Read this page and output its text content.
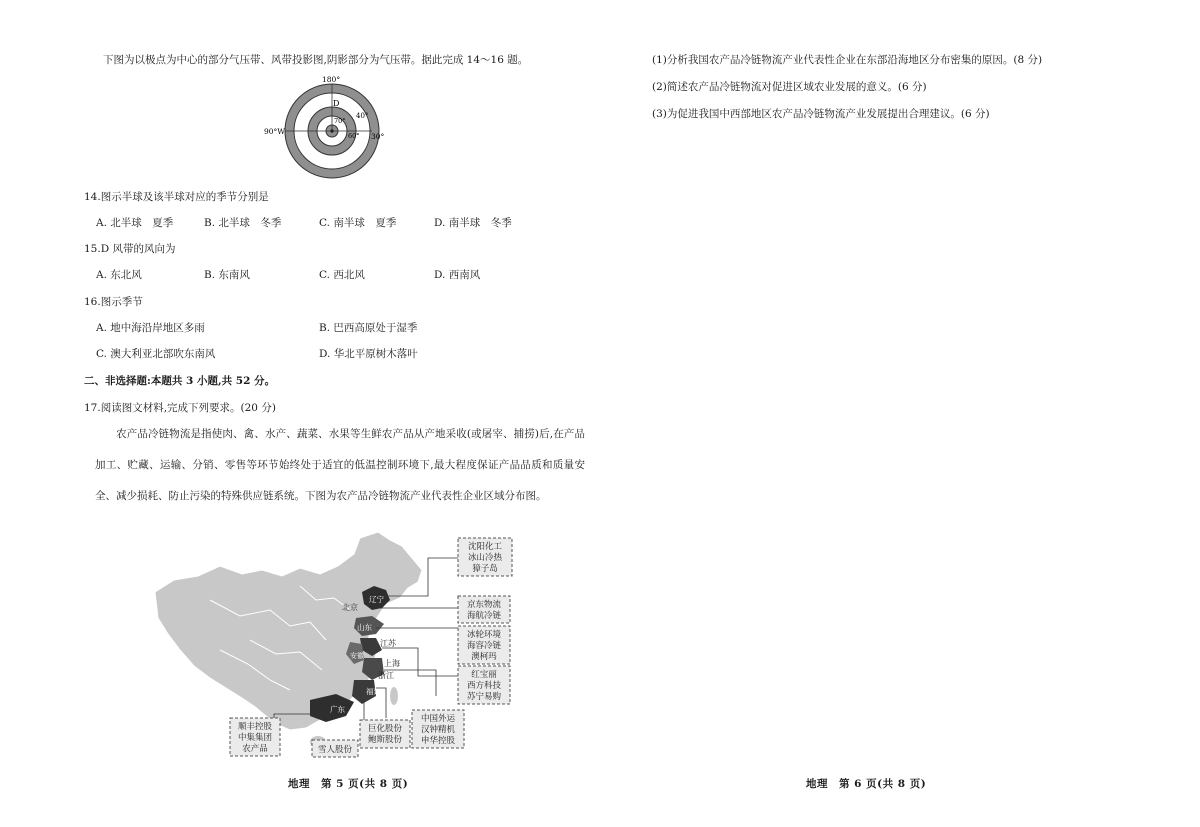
下图为以极点为中心的部分气压带、风带投影图,阴影部分为气压带。据此完成 14～16 题。
180°
90°W
30°
D
40°
70°
60°
14.图示半球及该半球对应的季节分别是
A. 北半球　夏季	B. 北半球　冬季	C. 南半球　夏季	D. 南半球　冬季
15.D 风带的风向为
A. 东北风	B. 东南风	C. 西北风	D. 西南风
16.图示季节
A. 地中海沿岸地区多雨	B. 巴西高原处于湿季
C. 澳大利亚北部吹东南风	D. 华北平原树木落叶
二、非选择题:本题共 3 小题,共 52 分。
17.阅读图文材料,完成下列要求。(20 分)
农产品冷链物流是指使肉、禽、水产、蔬菜、水果等生鲜农产品从产地采收(或屠宰、捕捞)后,在产品加工、贮藏、运输、分销、零售等环节始终处于适宜的低温控制环境下,最大程度保证产品品质和质量安全、减少损耗、防止污染的特殊供应链系统。下图为农产品冷链物流产业代表性企业区域分布图。
北京
辽宁
山东
江苏
安徽
上海
浙江
福建
广东
沈阳化工
冰山冷热
獐子岛
京东物流
海航冷链
冰轮环境
海容冷链
澳柯玛
红宝丽
西方科技
苏宁易购
中国外运
汉钟精机
申华控股
巨化股份
鲍斯股份
雪人股份
顺丰控股
中集集团
农产品
地理　第 5 页(共 8 页)
(1)分析我国农产品冷链物流产业代表性企业在东部沿海地区分布密集的原因。(8 分)
(2)简述农产品冷链物流对促进区域农业发展的意义。(6 分)
(3)为促进我国中西部地区农产品冷链物流产业发展提出合理建议。(6 分)
地理　第 6 页(共 8 页)
